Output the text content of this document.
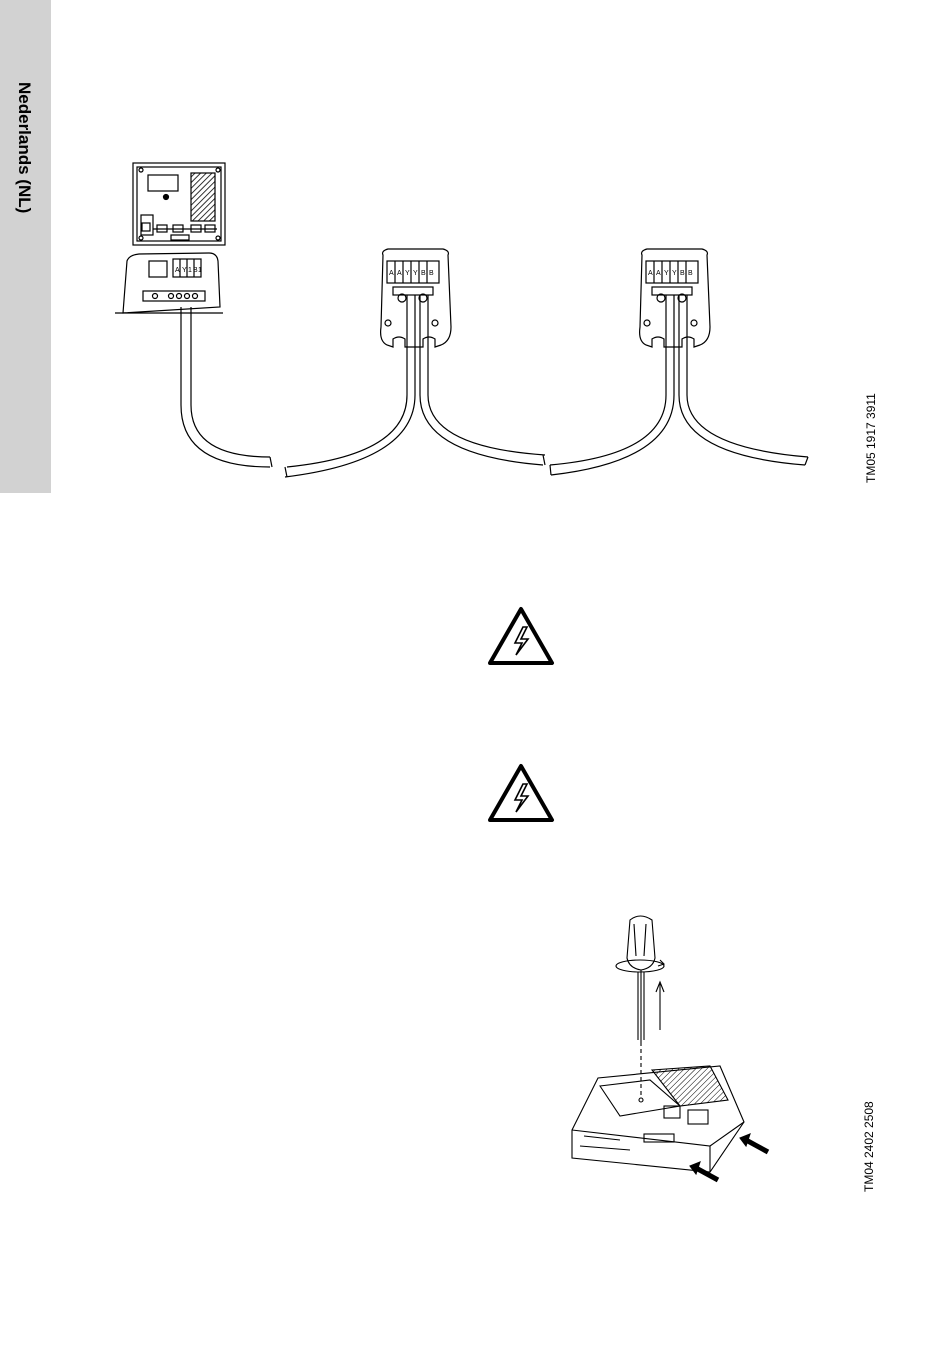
Nederlands (NL)
A Y 1 B 1	A A Y Y B B	A A Y Y B B
TM05 1917 3911
TM04 2402 2508
